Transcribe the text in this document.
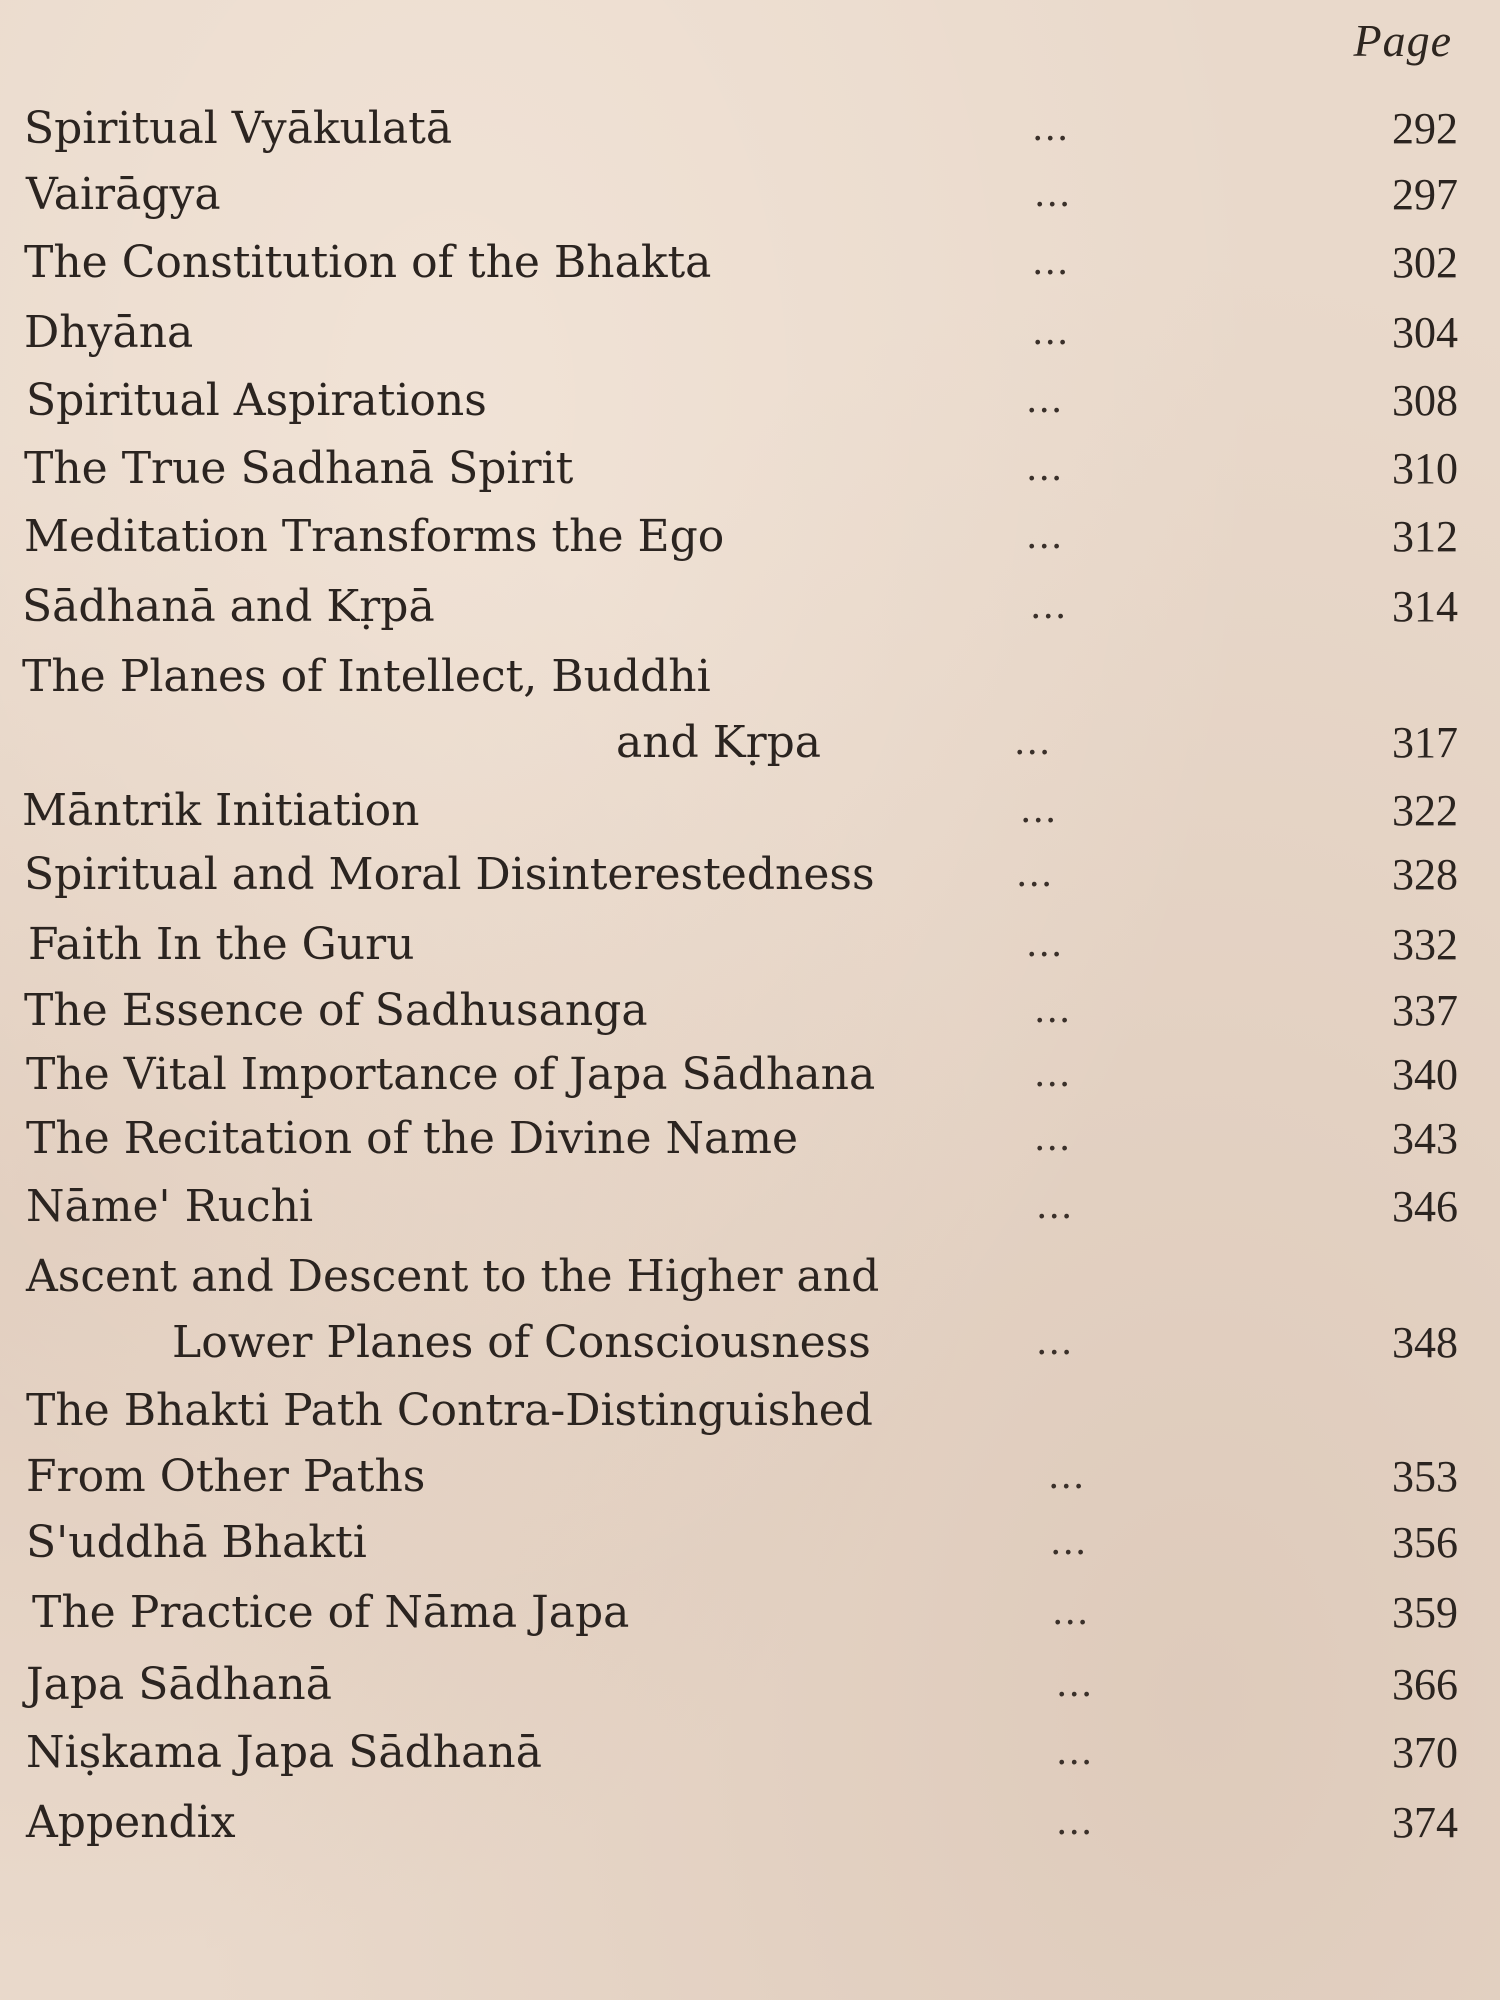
Page
Spiritual Vyākulatā	...	292
Vairāgya	...	297
The Constitution of the Bhakta	...	302
Dhyāna	...	304
Spiritual Aspirations	...	308
The True Sadhanā Spirit	...	310
Meditation Transforms the Ego	...	312
Sādhanā and Kṛpā	...	314
The Planes of Intellect, Buddhi
and Kṛpa	...	317
Māntrik Initiation	...	322
Spiritual and Moral Disinterestedness	...	328
Faith In the Guru	...	332
The Essence of Sadhusanga	...	337
The Vital Importance of Japa Sādhana	...	340
The Recitation of the Divine Name	...	343
Nāme' Ruchi	...	346
Ascent and Descent to the Higher and
Lower Planes of Consciousness	...	348
The Bhakti Path Contra-Distinguished
From Other Paths	...	353
S'uddhā Bhakti	...	356
The Practice of Nāma Japa	...	359
Japa Sādhanā	...	366
Niṣkama Japa Sādhanā	...	370
Appendix	...	374
